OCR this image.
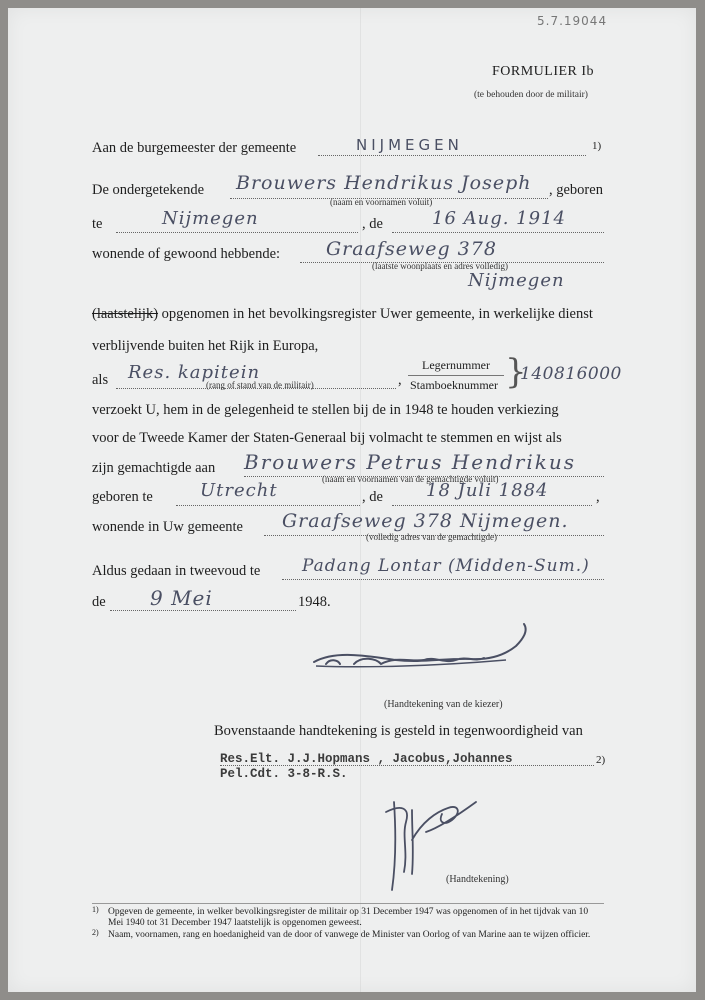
5.7.19044
FORMULIER Ib
(te behouden door de militair)
Aan de burgemeester der gemeente	NIJMEGEN	1)
De ondergetekende Brouwers Hendrikus Joseph
(naam en voornamen voluit)
, geboren
te	Nijmegen	, de	16 Aug. 1914
wonende of gewoond hebbende: Graafseweg 378
(laatste woonplaats en adres volledig)
Nijmegen
(laatstelijk) opgenomen in het bevolkingsregister Uwer gemeente, in werkelijke dienst
verblijvende buiten het Rijk in Europa,
als Res. kapitein
(rang of stand van de militair)	,
Legernummer
Stamboeknummer }
140816000
verzoekt U, hem in de gelegenheid te stellen bij de in 1948 te houden verkiezing
voor de Tweede Kamer der Staten-Generaal bij volmacht te stemmen en wijst als
zijn gemachtigde aan Brouwers Petrus Hendrikus
(naam en voornamen van de gemachtigde voluit)
geboren te	Utrecht	, de 18 Juli 1884	,
wonende in Uw gemeente Graafseweg 378 Nijmegen.
(volledig adres van de gemachtigde)
Aldus gedaan in tweevoud te Padang Lontar (Midden-Sum.)
de 9 Mei	1948.
(Handtekening van de kiezer)
Bovenstaande handtekening is gesteld in tegenwoordigheid van
Res.Elt. J.J.Hopmans , Jacobus,Johannes
Pel.Cdt. 3-8-R.S.
2)
(Handtekening)
1) Opgeven de gemeente, in welker bevolkingsregister de militair op 31 December 1947 was opgenomen of in het tijdvak van 10 Mei 1940 tot 31 December 1947 laatstelijk is opgenomen geweest.
2) Naam, voornamen, rang en hoedanigheid van de door of vanwege de Minister van Oorlog of van Marine aan te wijzen officier.
